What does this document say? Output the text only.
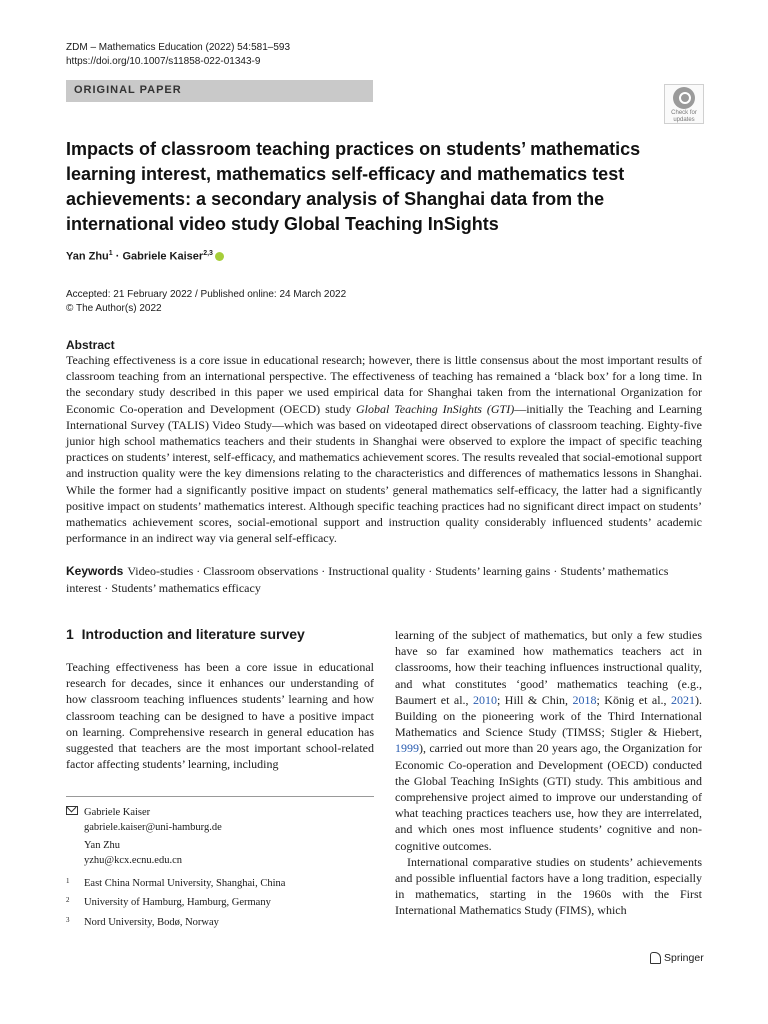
ZDM – Mathematics Education (2022) 54:581–593
https://doi.org/10.1007/s11858-022-01343-9
ORIGINAL PAPER
Check for
updates
Impacts of classroom teaching practices on students’ mathematics learning interest, mathematics self-efficacy and mathematics test achievements: a secondary analysis of Shanghai data from the international video study Global Teaching InSights
Yan Zhu$^1$ · Gabriele Kaiser$^{2,3}$
Accepted: 21 February 2022 / Published online: 24 March 2022
© The Author(s) 2022
Abstract

Teaching effectiveness is a core issue in educational research; however, there is little consensus about the most important results of classroom teaching from an international perspective. The effectiveness of teaching has remained a ‘black box’ for a long time. In the secondary study described in this paper we used empirical data for Shanghai taken from the international Organization for Economic Co-operation and Development (OECD) study Global Teaching InSights (GTI)—initially the Teaching and Learning International Survey (TALIS) Video Study—which was based on videotaped direct observations of classroom teaching. Eighty-five junior high school mathematics teachers and their students in Shanghai were observed to explore the impact of specific teaching practices on students’ interest, self-efficacy, and mathematics achievement scores. The results revealed that social-emotional support and instruction quality were the key dimensions relating to the characteristics and differences of mathematics lessons in Shanghai. While the former had a significantly positive impact on students’ general mathematics self-efficacy, the latter had a significantly positive impact on students’ mathematics interest. Although specific teaching practices had no significant direct impact on students’ mathematics achievement scores, social-emotional support and instruction quality considerably influenced students’ academic performance in an indirect way via general self-efficacy.

Keywords Video-studies · Classroom observations · Instructional quality · Students’ learning gains · Students’ mathematics interest · Students’ mathematics efficacy

1 Introduction and literature survey

Teaching effectiveness has been a core issue in educational research for decades, since it enhances our understanding of how classroom teaching influences students’ learning and how classroom teaching can be designed to have a positive impact on learning. Comprehensive research in general education has suggested that teachers are the most important school-related factor affecting students’ learning, including

Gabriele Kaiser
gabriele.kaiser@uni-hamburg.de
Yan Zhu
yzhu@kcx.ecnu.edu.cn
1 East China Normal University, Shanghai, China
2 University of Hamburg, Hamburg, Germany
3 Nord University, Bodø, Norway

learning of the subject of mathematics, but only a few studies have so far examined how mathematics teachers act in classrooms, how their teaching influences instructional quality, and what constitutes ‘good’ mathematics teaching (e.g., Baumert et al., 2010; Hill & Chin, 2018; König et al., 2021). Building on the pioneering work of the Third International Mathematics and Science Study (TIMSS; Stigler & Hiebert, 1999), carried out more than 20 years ago, the Organization for Economic Co-operation and Development (OECD) conducted the Global Teaching InSights (GTI) study. This ambitious and comprehensive project aimed to improve our understanding of what teaching practices teachers use, how they are interrelated, and which ones most influence students’ cognitive and non-cognitive outcomes.

International comparative studies on students’ achievements and possible influential factors have a long tradition, especially in mathematics, starting in the 1960s with the First International Mathematics Study (FIMS), which

Springer
